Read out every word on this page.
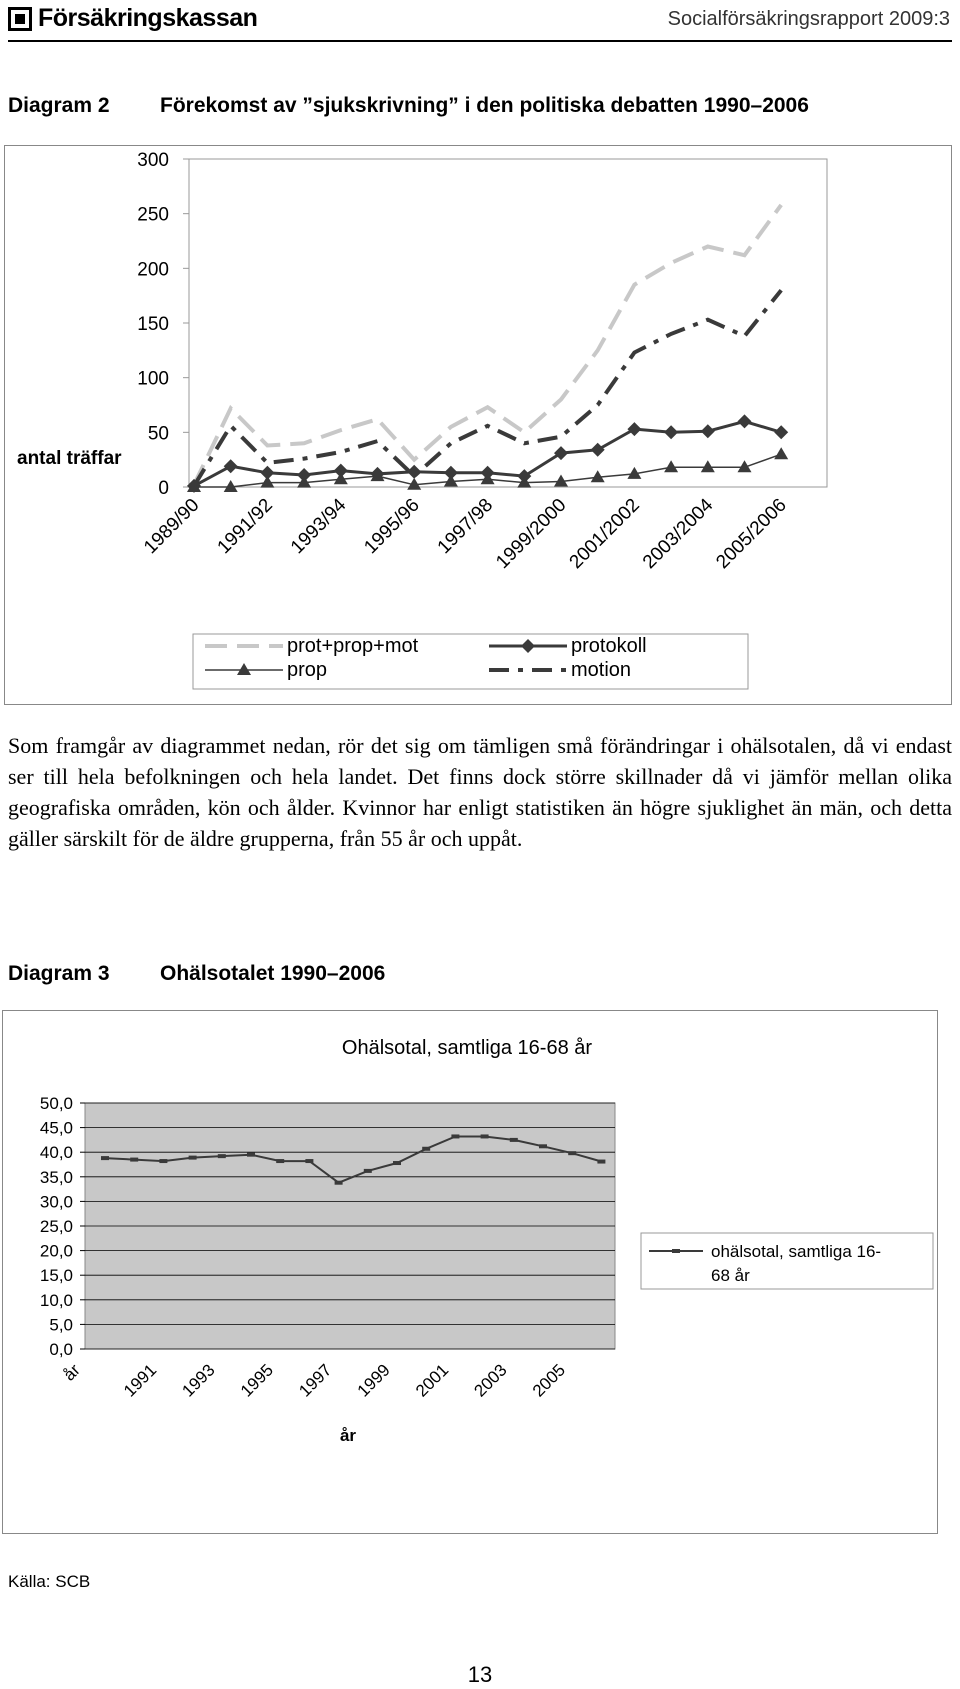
Försäkringskassan	Socialförsäkringsrapport 2009:3
Diagram 2 Förekomst av ”sjukskrivning” i den politiska debatten 1990–2006
300
250
200
150
100
50
0
antal träffar
1989/90 1991/92 1993/94 1995/96 1997/98
1999/2000
2001/2002
2003/2004
2005/2006
prot+prop+mot	protokoll
prop	motion
Som framgår av diagrammet nedan, rör det sig om tämligen små förändringar i ohälsotalen, då vi endast ser till hela befolkningen och hela landet. Det finns dock större skillnader då vi jämför mellan olika geografiska områden, kön och ålder. Kvinnor har enligt statistiken än högre sjuklighet än män, och detta gäller särskilt för de äldre grupperna, från 55 år och uppåt.
Diagram 3 Ohälsotalet 1990–2006
Ohälsotal, samtliga 16-68 år
50,0
45,0
40,0
35,0
30,0
25,0
20,0
15,0
10,0
5,0
0,0
år 1991 1993 1995 1997 1999 2001 2003 2005
år
ohälsotal, samtliga 16-
68 år
Källa: SCB
13
